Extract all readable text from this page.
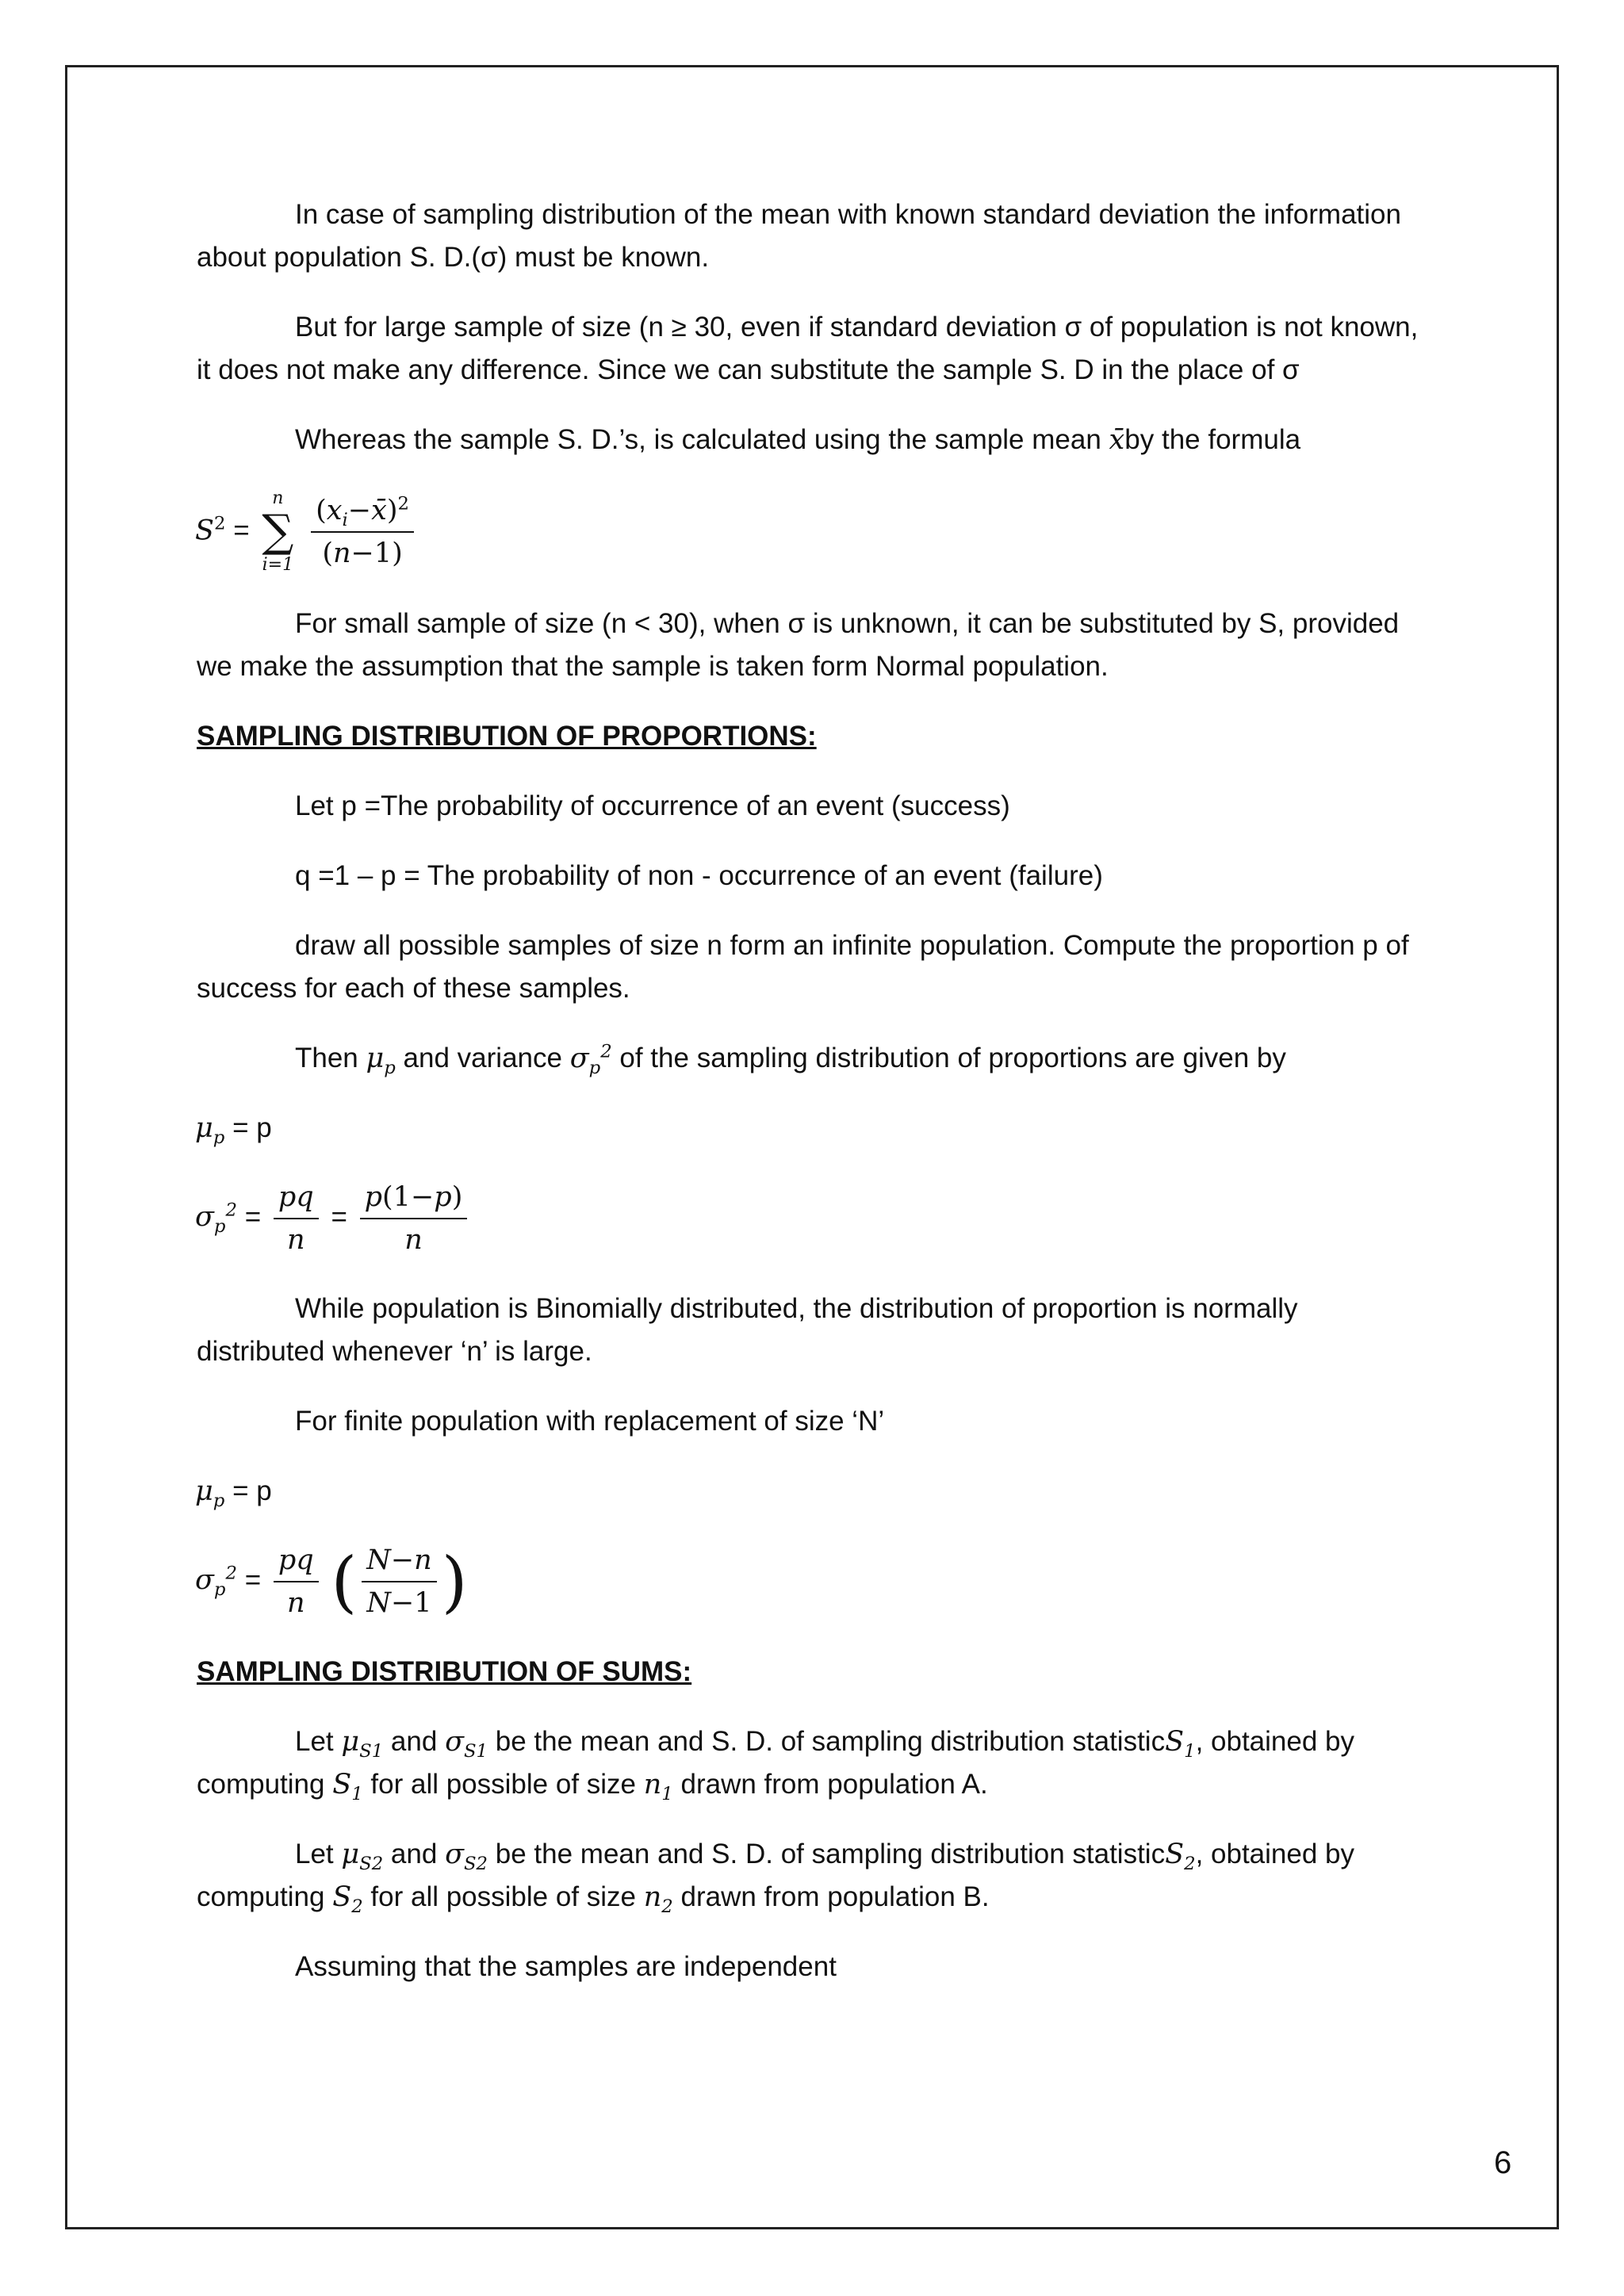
In case of sampling distribution of the mean with known standard deviation the information about population S. D.(σ) must be known.

But for large sample of size (n ≥ 30, even if standard deviation σ of population is not known, it does not make any difference. Since we can substitute the sample S. D in the place of σ

Whereas the sample S. D.’s, is calculated using the sample mean x̄by the formula

$S^2$ =
n
∑
i=1
$\frac{(x_i-x̄)^2}{(n-1)}$

For small sample of size (n < 30), when σ is unknown, it can be substituted by S, provided we make the assumption that the sample is taken form Normal population.

SAMPLING DISTRIBUTION OF PROPORTIONS:

Let p =The probability of occurrence of an event (success)

q =1 – p = The probability of non - occurrence of an event (failure)

draw all possible samples of size n form an infinite population. Compute the proportion p of success for each of these samples.

Then $\mu_p$ and variance $\sigma_p^2$ of the sampling distribution of proportions are given by

$\mu_p = p$
$\sigma_p^2 = \frac{pq}{n} = \frac{p(1-p)}{n}$

While population is Binomially distributed, the distribution of proportion is normally distributed whenever ‘n’ is large.

For finite population with replacement of size ‘N’

$\mu_p = p$
$\sigma_p^2 = \frac{pq}{n}$ ( $\frac{N-n}{N-1}$ )

SAMPLING DISTRIBUTION OF SUMS:

Let $\mu_{S1}$ and $\sigma_{S1}$ be the mean and S. D. of sampling distribution statisticS$_1$, obtained by computing $S_1$ for all possible of size $n_1$ drawn from population A.

Let $\mu_{S2}$ and $\sigma_{S2}$ be the mean and S. D. of sampling distribution statisticS$_2$, obtained by computing $S_2$ for all possible of size $n_2$ drawn from population B.

Assuming that the samples are independent

6
